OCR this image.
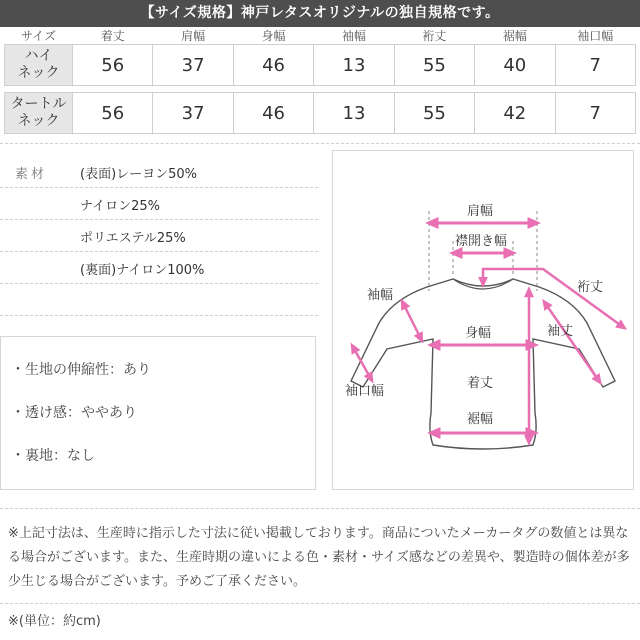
【サイズ規格】神戸レタスオリジナルの独自規格です。
サイズ	着丈	肩幅	身幅	袖幅	裄丈	裾幅	袖口幅
ハイ
ネック	56	37	46	13	55	40	7

タートル
ネック	56	37	46	13	55	42	7
素材	(表面)レーヨン50%
ナイロン25%
ポリエステル25%
(裏面)ナイロン100%
・生地の伸縮性：あり
・透け感：ややあり
・裏地：なし
肩幅
襟開き幅
裄丈
袖丈
袖幅
身幅
袖口幅
着丈
裾幅
※上記寸法は、生産時に指示した寸法に従い掲載しております。商品についたメーカータグの数値とは異なる場合がございます。また、生産時期の違いによる色・素材・サイズ感などの差異や、製造時の個体差が多少生じる場合がございます。予めご了承ください。
※(単位：約cm)
